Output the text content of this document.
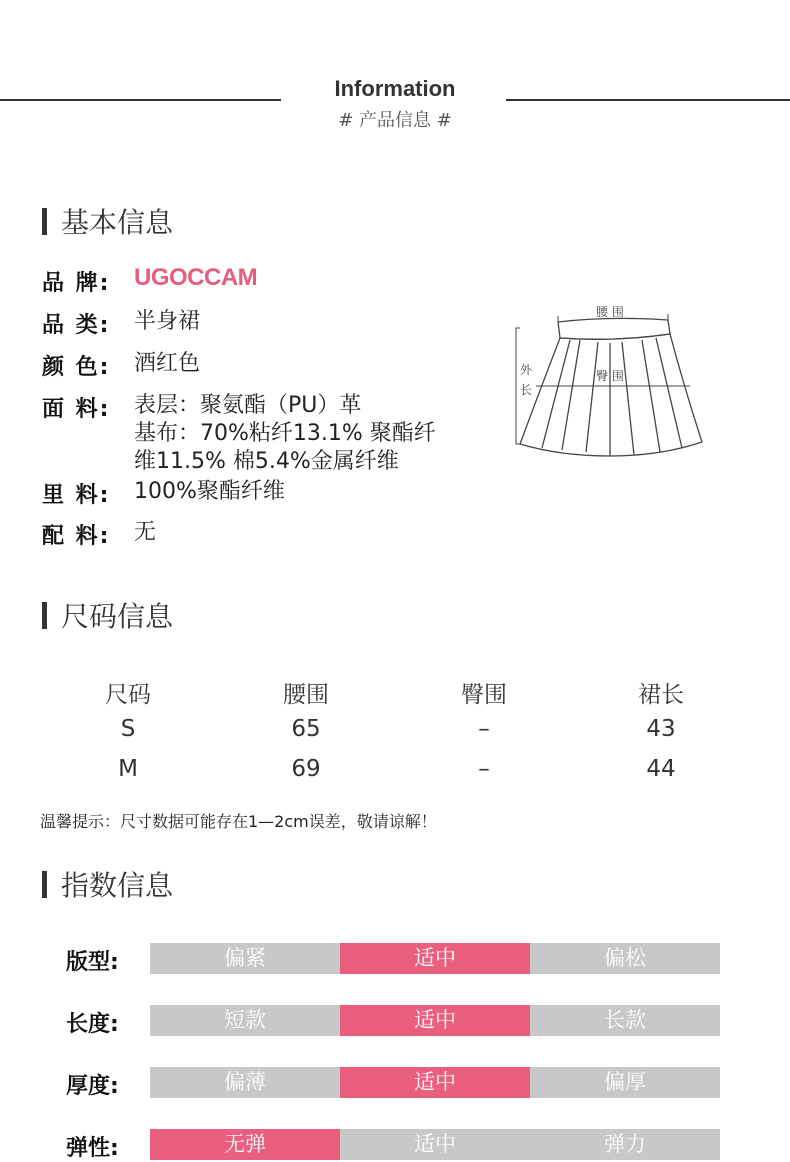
Information
# 产品信息 #
基本信息
品 牌: UGOCCAM
品 类: 半身裙
颜 色: 酒红色
面 料: 表层：聚氨酯（PU）革
基布：70%粘纤13.1% 聚酯纤
维11.5% 棉5.4%金属纤维
里 料: 100%聚酯纤维
配 料: 无
腰 围
臀 围
外
长
尺码信息
尺码	腰围	臀围	裙长
S	65	–	43
M	69	–	44
温馨提示：尺寸数据可能存在1—2cm误差，敬请谅解！
指数信息
版型:	偏紧	适中	偏松
长度:	短款	适中	长款
厚度:	偏薄	适中	偏厚
弹性:	无弹	适中	弹力
